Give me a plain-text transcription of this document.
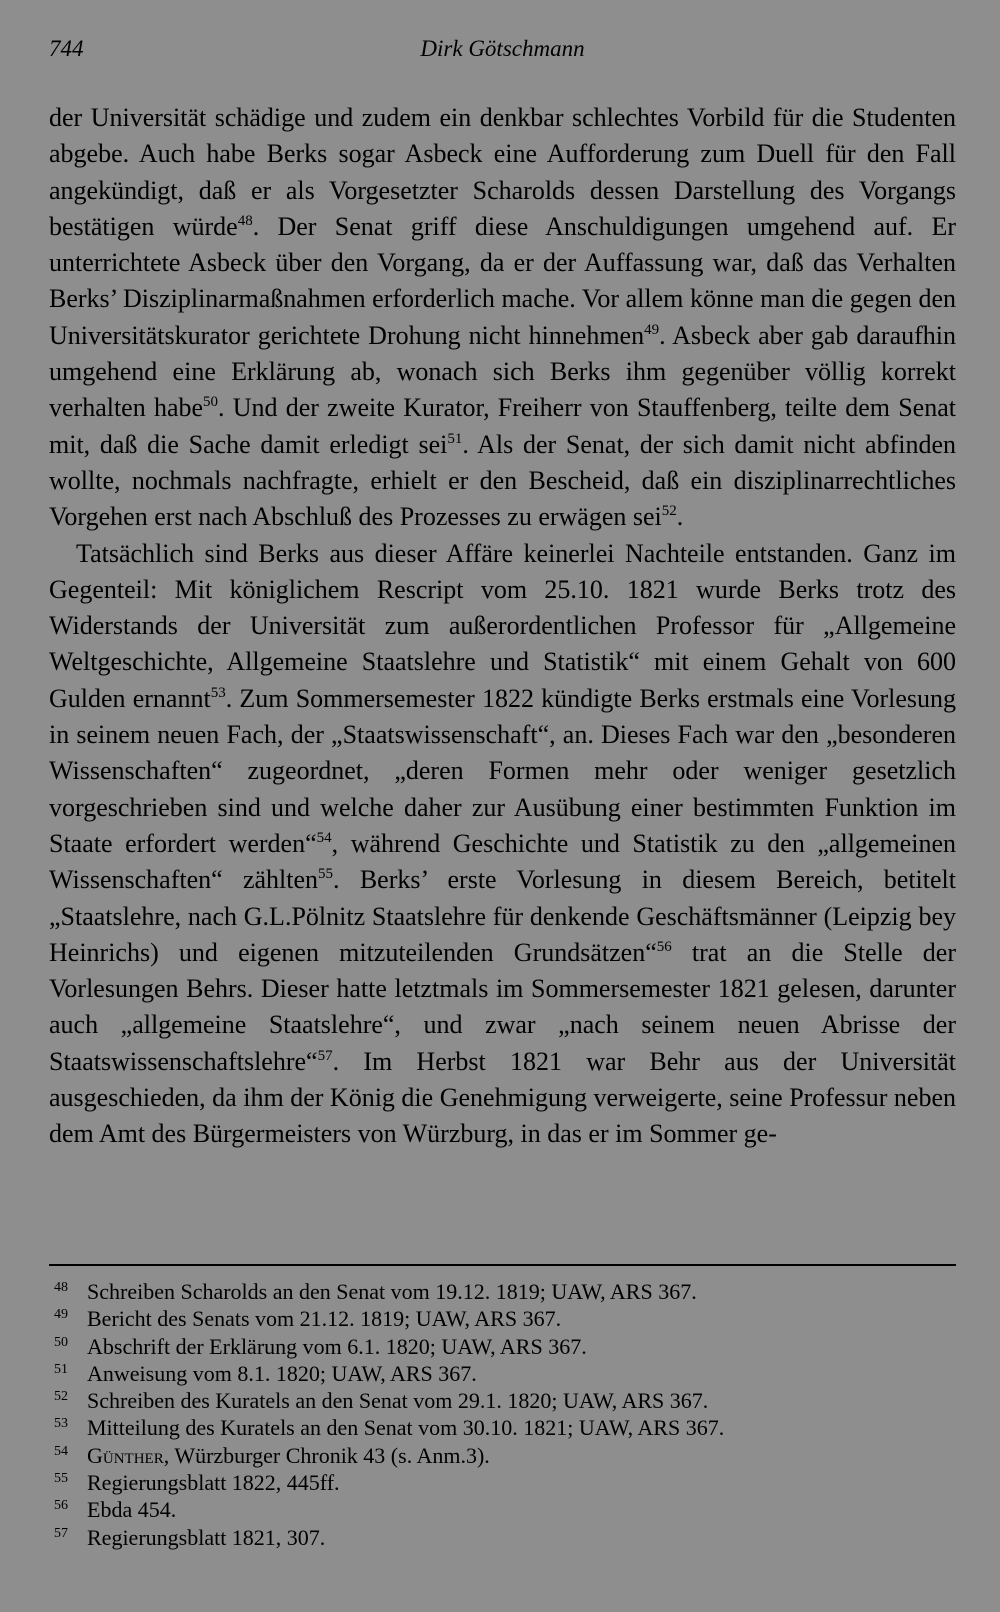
744	Dirk Götschmann

der Universität schädige und zudem ein denkbar schlechtes Vorbild für die Studenten abgebe. Auch habe Berks sogar Asbeck eine Aufforderung zum Duell für den Fall angekündigt, daß er als Vorgesetzter Scharolds dessen Darstellung des Vorgangs bestätigen würde$^{48}$. Der Senat griff diese Anschuldigungen umgehend auf. Er unterrichtete Asbeck über den Vorgang, da er der Auffassung war, daß das Verhalten Berks’ Disziplinarmaßnahmen erforderlich mache. Vor allem könne man die gegen den Universitätskurator gerichtete Drohung nicht hinnehmen$^{49}$. Asbeck aber gab daraufhin umgehend eine Erklärung ab, wonach sich Berks ihm gegenüber völlig korrekt verhalten habe$^{50}$. Und der zweite Kurator, Freiherr von Stauffenberg, teilte dem Senat mit, daß die Sache damit erledigt sei$^{51}$. Als der Senat, der sich damit nicht abfinden wollte, nochmals nachfragte, erhielt er den Bescheid, daß ein disziplinarrechtliches Vorgehen erst nach Abschluß des Prozesses zu erwägen sei$^{52}$.

Tatsächlich sind Berks aus dieser Affäre keinerlei Nachteile entstanden. Ganz im Gegenteil: Mit königlichem Rescript vom 25.10. 1821 wurde Berks trotz des Widerstands der Universität zum außerordentlichen Professor für „Allgemeine Weltgeschichte, Allgemeine Staatslehre und Statistik“ mit einem Gehalt von 600 Gulden ernannt$^{53}$. Zum Sommersemester 1822 kündigte Berks erstmals eine Vorlesung in seinem neuen Fach, der „Staatswissenschaft“, an. Dieses Fach war den „besonderen Wissenschaften“ zugeordnet, „deren Formen mehr oder weniger gesetzlich vorgeschrieben sind und welche daher zur Ausübung einer bestimmten Funktion im Staate erfordert werden“$^{54}$, während Geschichte und Statistik zu den „allgemeinen Wissenschaften“ zählten$^{55}$. Berks’ erste Vorlesung in diesem Bereich, betitelt „Staatslehre, nach G.L.Pölnitz Staatslehre für denkende Geschäftsmänner (Leipzig bey Heinrichs) und eigenen mitzuteilenden Grundsätzen“$^{56}$ trat an die Stelle der Vorlesungen Behrs. Dieser hatte letztmals im Sommersemester 1821 gelesen, darunter auch „allgemeine Staatslehre“, und zwar „nach seinem neuen Abrisse der Staatswissenschaftslehre“$^{57}$. Im Herbst 1821 war Behr aus der Universität ausgeschieden, da ihm der König die Genehmigung verweigerte, seine Professur neben dem Amt des Bürgermeisters von Würzburg, in das er im Sommer ge-

48 Schreiben Scharolds an den Senat vom 19.12. 1819; UAW, ARS 367.
49 Bericht des Senats vom 21.12. 1819; UAW, ARS 367.
50 Abschrift der Erklärung vom 6.1. 1820; UAW, ARS 367.
51 Anweisung vom 8.1. 1820; UAW, ARS 367.
52 Schreiben des Kuratels an den Senat vom 29.1. 1820; UAW, ARS 367.
53 Mitteilung des Kuratels an den Senat vom 30.10. 1821; UAW, ARS 367.
54 Günther, Würzburger Chronik 43 (s. Anm.3).
55 Regierungsblatt 1822, 445ff.
56 Ebda 454.
57 Regierungsblatt 1821, 307.
